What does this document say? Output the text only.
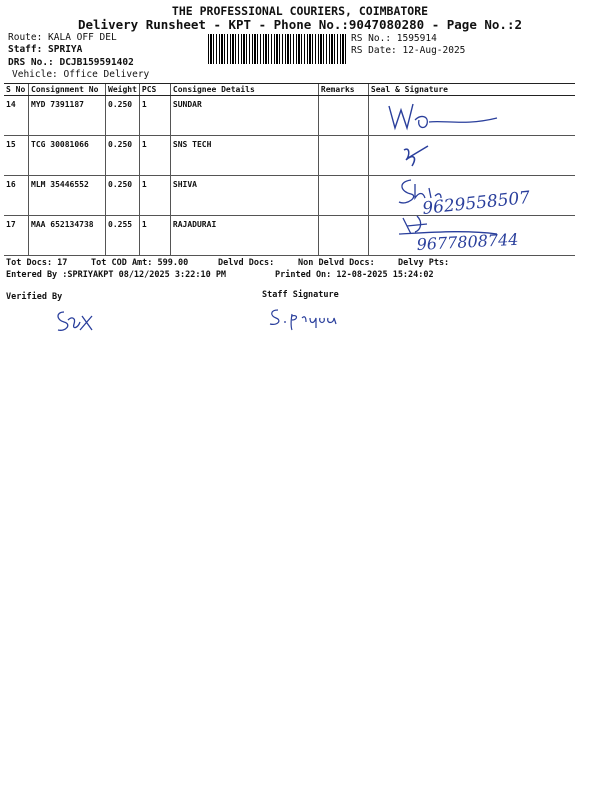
THE PROFESSIONAL COURIERS, COIMBATORE
Delivery Runsheet - KPT - Phone No.:9047080280 - Page No.:2
Route: KALA OFF DEL
Staff: SPRIYA
DRS No.: DCJB159591402
Vehicle: Office Delivery
RS No.: 1595914
RS Date: 12-Aug-2025
S No	Consignment No	Weight	PCS	Consignee Details	Remarks	Seal & Signature
14	MYD 7391187	0.250	1	SUNDAR		
15	TCG 30081066	0.250	1	SNS TECH		
16	MLM 35446552	0.250	1	SHIVA		
17	MAA 652134738	0.255	1	RAJADURAI		
9629558507
9677808744
Tot Docs: 17	Tot COD Amt: 599.00	Delvd Docs:	Non Delvd Docs:	Delvy Pts:
Entered By :SPRIYAKPT 08/12/2025 3:22:10 PM	Printed On: 12-08-2025 15:24:02
Verified By	Staff Signature
